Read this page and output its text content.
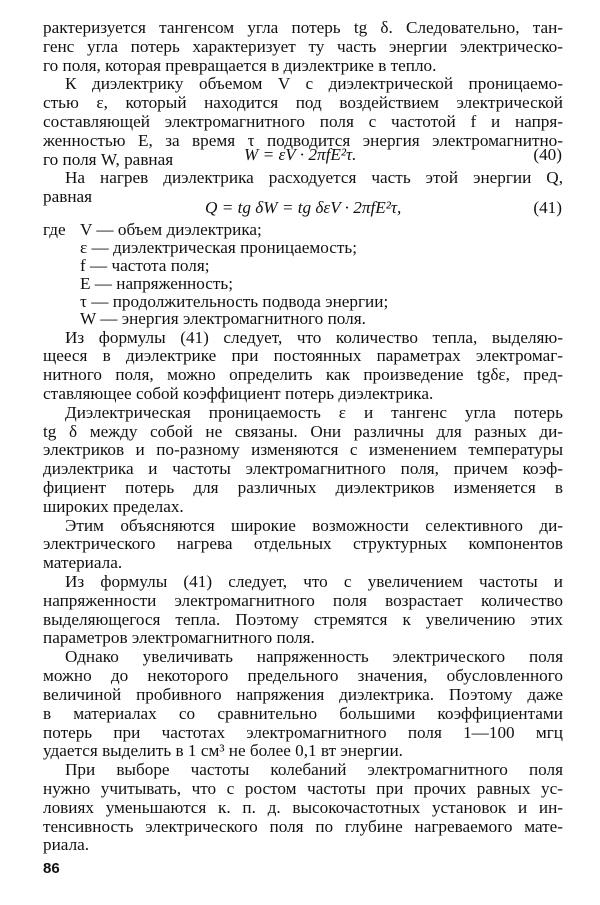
рактеризуется тангенсом угла потерь tg δ. Следовательно, тан-
генс угла потерь характеризует ту часть энергии электрическо-
го поля, которая превращается в диэлектрике в тепло.
К диэлектрику объемом V с диэлектрической проницаемо-
стью ε, который находится под воздействием электрической
составляющей электромагнитного поля с частотой f и напря-
женностью E, за время τ подводится энергия электромагнитно-
го поля W, равная	W = εV · 2πfE²τ.	(40)
На нагрев диэлектрика расходуется часть этой энергии Q,
равная
Q = tg δW = tg δεV · 2πfE²τ,	(41)
где V — объем диэлектрика;
ε — диэлектрическая проницаемость;
f — частота поля;
E — напряженность;
τ — продолжительность подвода энергии;
W — энергия электромагнитного поля.
Из формулы (41) следует, что количество тепла, выделяю-
щееся в диэлектрике при постоянных параметрах электромаг-
нитного поля, можно определить как произведение tgδε, пред-
ставляющее собой коэффициент потерь диэлектрика.
Диэлектрическая проницаемость ε и тангенс угла потерь
tg δ между собой не связаны. Они различны для разных ди-
электриков и по-разному изменяются с изменением температуры
диэлектрика и частоты электромагнитного поля, причем коэф-
фициент потерь для различных диэлектриков изменяется в
широких пределах.
Этим объясняются широкие возможности селективного ди-
электрического нагрева отдельных структурных компонентов
материала.
Из формулы (41) следует, что с увеличением частоты и
напряженности электромагнитного поля возрастает количество
выделяющегося тепла. Поэтому стремятся к увеличению этих
параметров электромагнитного поля.
Однако увеличивать напряженность электрического поля
можно до некоторого предельного значения, обусловленного
величиной пробивного напряжения диэлектрика. Поэтому даже
в материалах со сравнительно большими коэффициентами
потерь при частотах электромагнитного поля 1—100 мгц
удается выделить в 1 см³ не более 0,1 вт энергии.
При выборе частоты колебаний электромагнитного поля
нужно учитывать, что с ростом частоты при прочих равных ус-
ловиях уменьшаются к. п. д. высокочастотных установок и ин-
тенсивность электрического поля по глубине нагреваемого мате-
риала.
86
